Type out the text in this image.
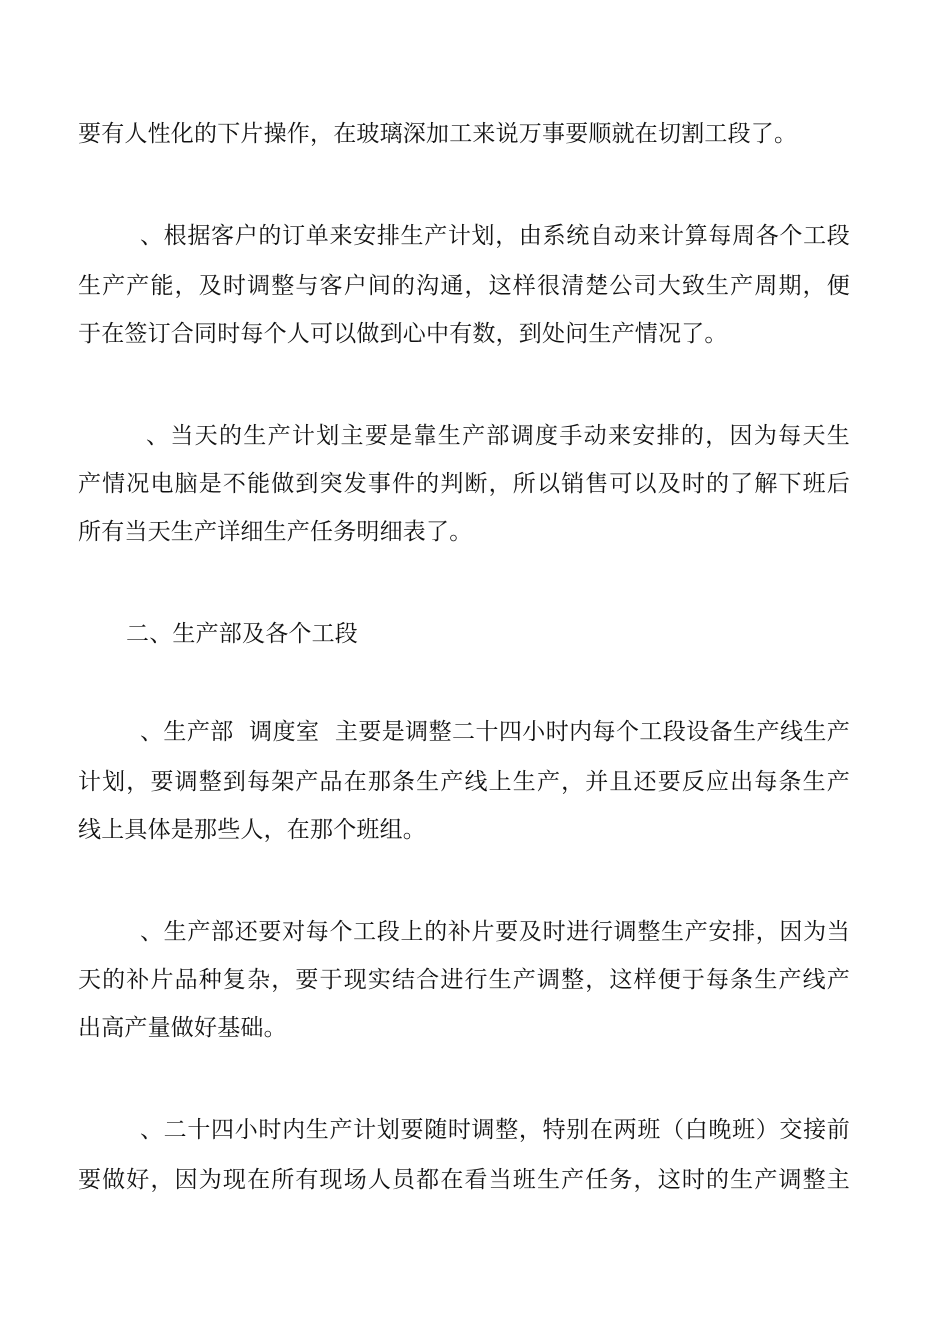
要有人性化的下片操作，在玻璃深加工来说万事要顺就在切割工段了。
、根据客户的订单来安排生产计划，由系统自动来计算每周各个工段
生产产能，及时调整与客户间的沟通，这样很清楚公司大致生产周期，便
于在签订合同时每个人可以做到心中有数，到处问生产情况了。
、当天的生产计划主要是靠生产部调度手动来安排的，因为每天生
产情况电脑是不能做到突发事件的判断，所以销售可以及时的了解下班后
所有当天生产详细生产任务明细表了。
二、生产部及各个工段
、生产部  调度室  主要是调整二十四小时内每个工段设备生产线生产
计划，要调整到每架产品在那条生产线上生产，并且还要反应出每条生产
线上具体是那些人，在那个班组。
、生产部还要对每个工段上的补片要及时进行调整生产安排，因为当
天的补片品种复杂，要于现实结合进行生产调整，这样便于每条生产线产
出高产量做好基础。
、二十四小时内生产计划要随时调整，特别在两班（白晚班）交接前
要做好，因为现在所有现场人员都在看当班生产任务，这时的生产调整主
